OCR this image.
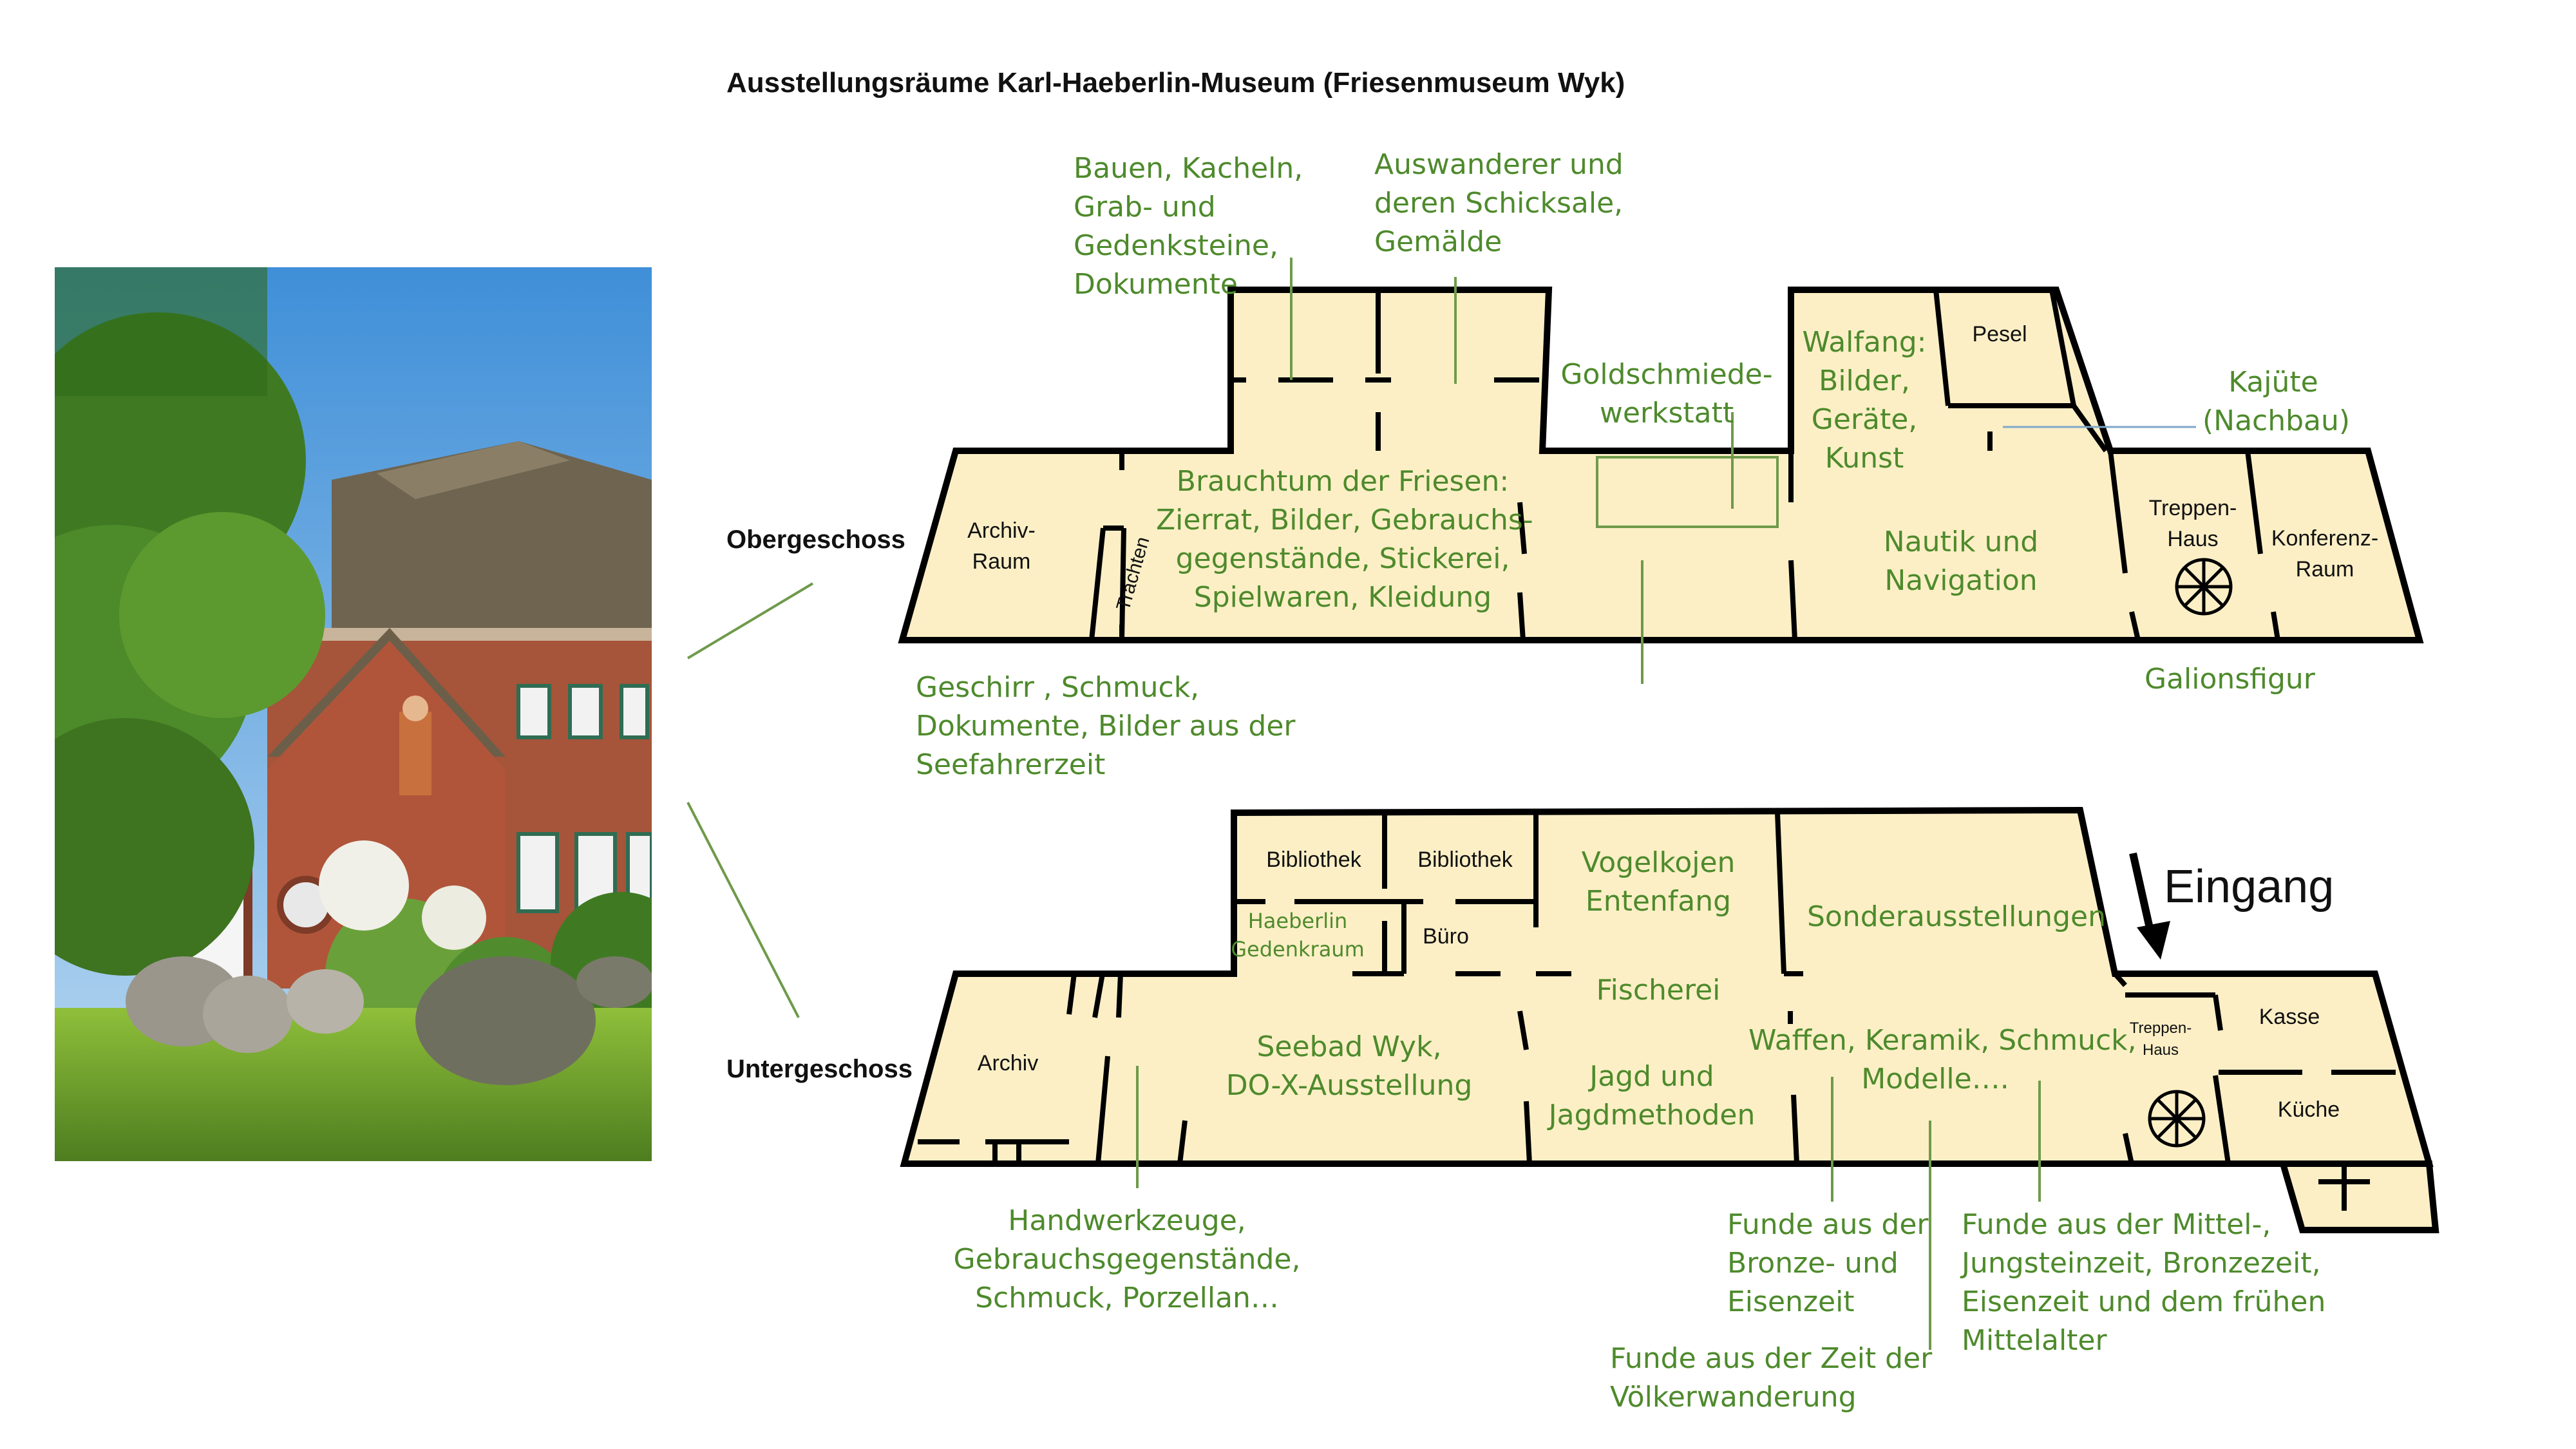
Ausstellungsräume Karl-Haeberlin-Museum (Friesenmuseum Wyk)
Obergeschoss
Untergeschoss
Archiv-
Raum	Trachten
Pesel
Treppen-
Haus	Konferenz-
Raum
Bauen, Kacheln,
Grab- und
Gedenksteine,
Dokumente
Auswanderer und
deren Schicksale,
Gemälde
Goldschmiede-
werkstatt
Walfang:
Bilder,
Geräte,
Kunst
Kajüte
(Nachbau)
Brauchtum der Friesen:
Zierrat, Bilder, Gebrauchs-
gegenstände, Stickerei,
Spielwaren, Kleidung
Nautik und
Navigation
Geschirr , Schmuck,
Dokumente, Bilder aus der
Seefahrerzeit
Galionsfigur
Bibliothek	Bibliothek
Büro
Archiv
Treppen-
Haus
Kasse
Küche
Haeberlin
Gedenkraum
Vogelkojen
Entenfang
Fischerei
Sonderausstellungen
Seebad Wyk,
DO-X-Ausstellung	Jagd und
Jagdmethoden
Waffen, Keramik, Schmuck,
Modelle….
Handwerkzeuge,
Gebrauchsgegenstände,
Schmuck, Porzellan…
Funde aus der
Bronze- und
Eisenzeit
Funde aus der Mittel-,
Jungsteinzeit, Bronzezeit,
Eisenzeit und dem frühen
Mittelalter
Funde aus der Zeit der
Völkerwanderung
Eingang
